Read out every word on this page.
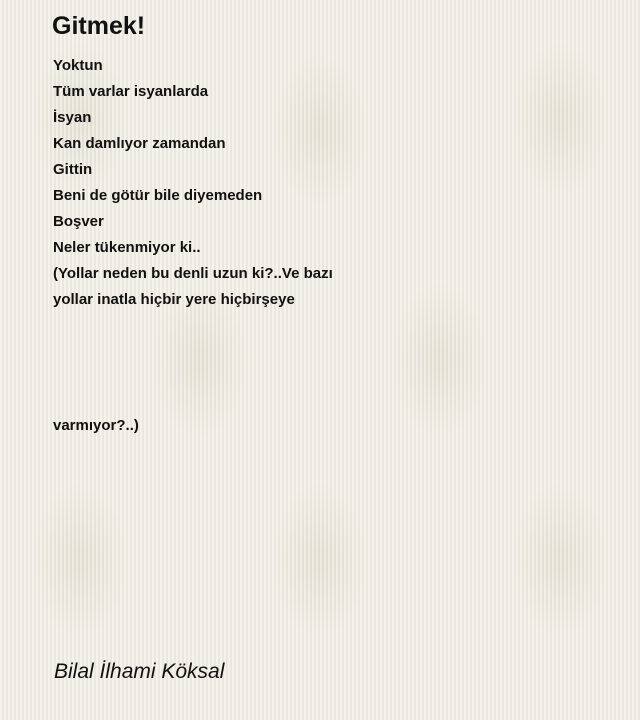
Gitmek!
Yoktun
Tüm varlar isyanlarda
İsyan
Kan damlıyor zamandan
Gittin
Beni de götür bile diyemeden
Boşver
Neler tükenmiyor ki..
(Yollar neden bu denli uzun ki?..Ve bazı
yollar inatla hiçbir yere hiçbirşeye
varmıyor?..)
Bilal İlhami Köksal
